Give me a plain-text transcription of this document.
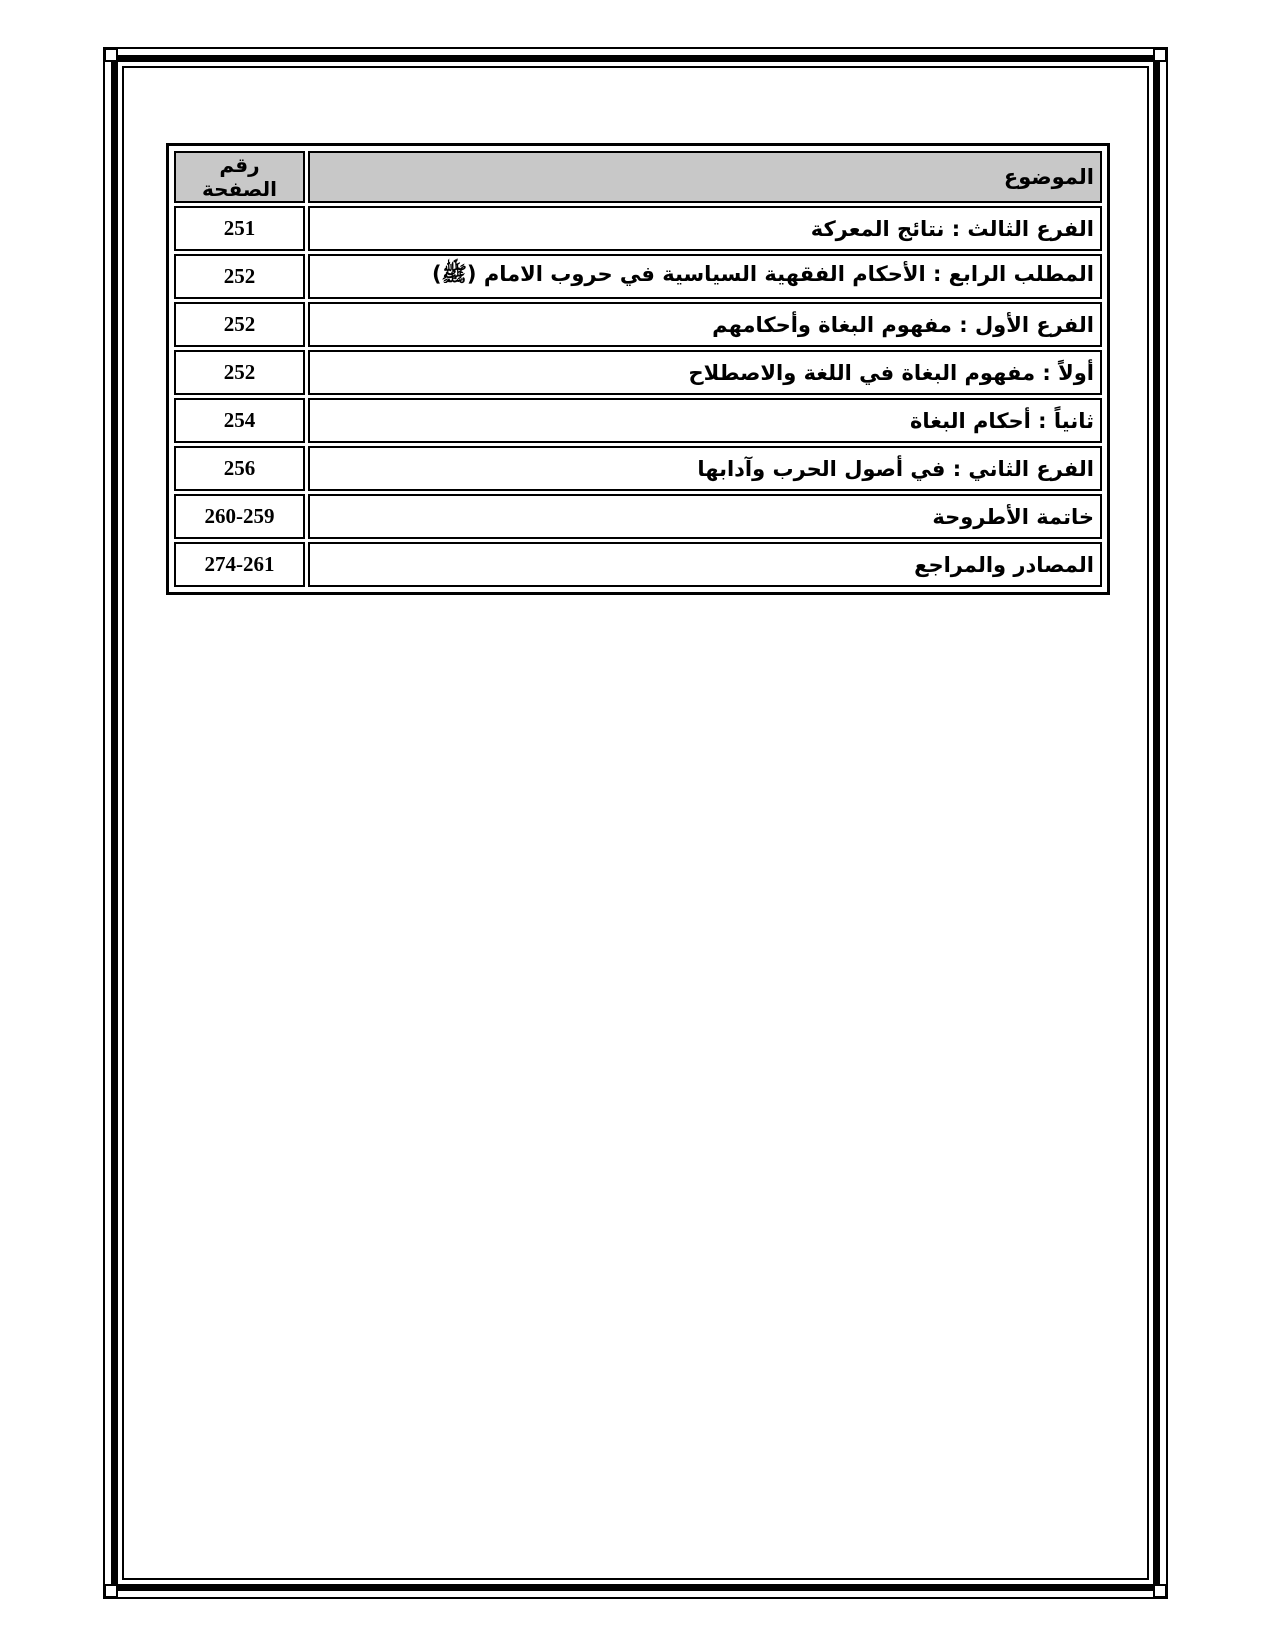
الموضوع	رقم الصفحة
الفرع الثالث : نتائج المعركة	251
المطلب الرابع : الأحكام الفقهية السياسية في حروب الامام (ﷺ)	252
الفرع الأول : مفهوم البغاة وأحكامهم	252
أولاً : مفهوم البغاة في اللغة والاصطلاح	252
ثانياً : أحكام البغاة	254
الفرع الثاني : في أصول الحرب وآدابها	256
خاتمة الأطروحة	260-259
المصادر والمراجع	274-261
